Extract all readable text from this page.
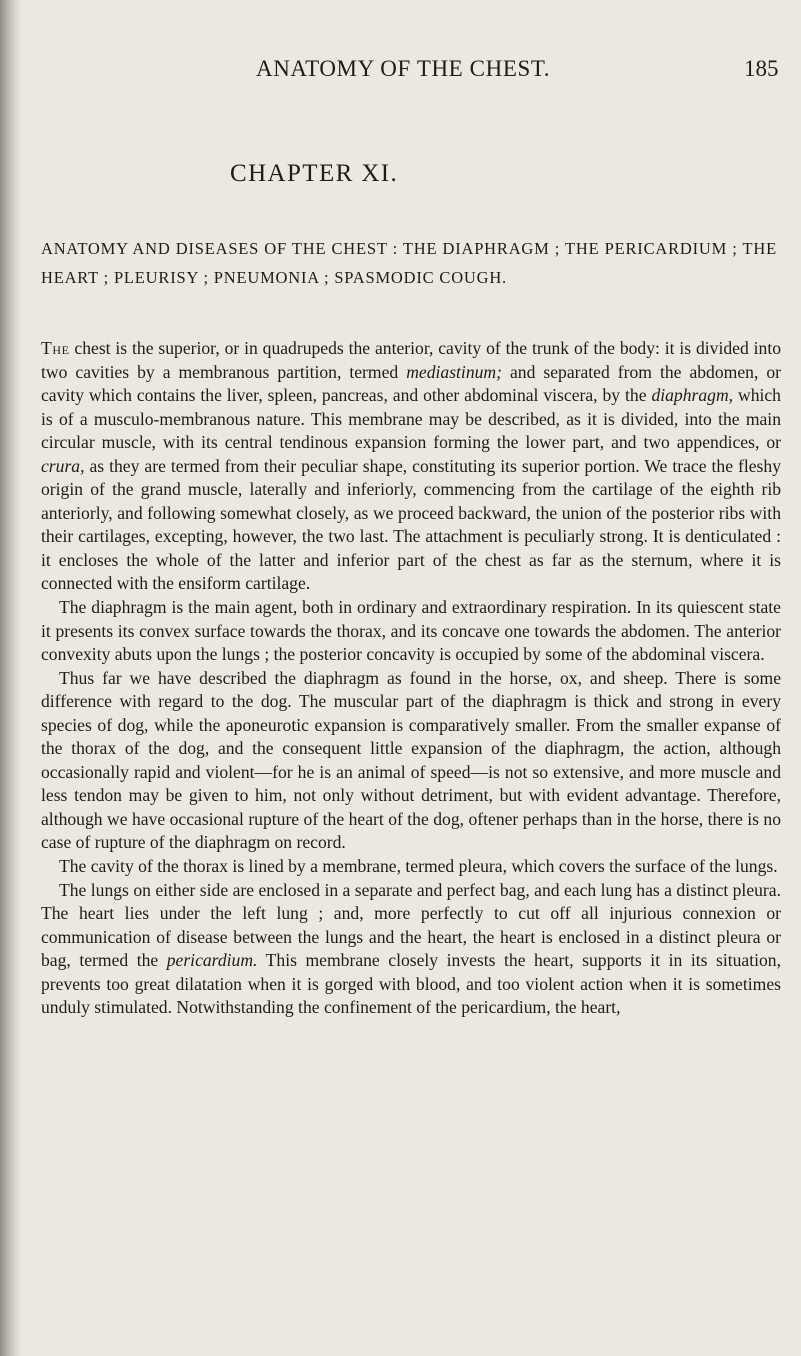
ANATOMY OF THE CHEST.	185
CHAPTER XI.
ANATOMY AND DISEASES OF THE CHEST : THE DIAPHRAGM ; THE PERICARDIUM ; THE HEART ; PLEURISY ; PNEUMONIA ; SPASMODIC COUGH.

The chest is the superior, or in quadrupeds the anterior, cavity of the trunk of the body: it is divided into two cavities by a membranous partition, termed mediastinum; and separated from the abdomen, or cavity which contains the liver, spleen, pancreas, and other abdominal viscera, by the diaphragm, which is of a musculo-membranous nature. This membrane may be described, as it is divided, into the main circular muscle, with its central tendinous expansion forming the lower part, and two appendices, or crura, as they are termed from their peculiar shape, constituting its superior portion. We trace the fleshy origin of the grand muscle, laterally and inferiorly, commencing from the cartilage of the eighth rib anteriorly, and following somewhat closely, as we proceed backward, the union of the posterior ribs with their cartilages, excepting, however, the two last. The attachment is peculiarly strong. It is denticulated : it encloses the whole of the latter and inferior part of the chest as far as the sternum, where it is connected with the ensiform cartilage.

The diaphragm is the main agent, both in ordinary and extraordinary respiration. In its quiescent state it presents its convex surface towards the thorax, and its concave one towards the abdomen. The anterior convexity abuts upon the lungs ; the posterior concavity is occupied by some of the abdominal viscera.

Thus far we have described the diaphragm as found in the horse, ox, and sheep. There is some difference with regard to the dog. The muscular part of the diaphragm is thick and strong in every species of dog, while the aponeurotic expansion is comparatively smaller. From the smaller expanse of the thorax of the dog, and the consequent little expansion of the diaphragm, the action, although occasionally rapid and violent—for he is an animal of speed—is not so extensive, and more muscle and less tendon may be given to him, not only without detriment, but with evident advantage. Therefore, although we have occasional rupture of the heart of the dog, oftener perhaps than in the horse, there is no case of rupture of the diaphragm on record.

The cavity of the thorax is lined by a membrane, termed pleura, which covers the surface of the lungs.

The lungs on either side are enclosed in a separate and perfect bag, and each lung has a distinct pleura. The heart lies under the left lung ; and, more perfectly to cut off all injurious connexion or communication of disease between the lungs and the heart, the heart is enclosed in a distinct pleura or bag, termed the pericardium. This membrane closely invests the heart, supports it in its situation, prevents too great dilatation when it is gorged with blood, and too violent action when it is sometimes unduly stimulated. Notwithstanding the confinement of the pericardium, the heart,
